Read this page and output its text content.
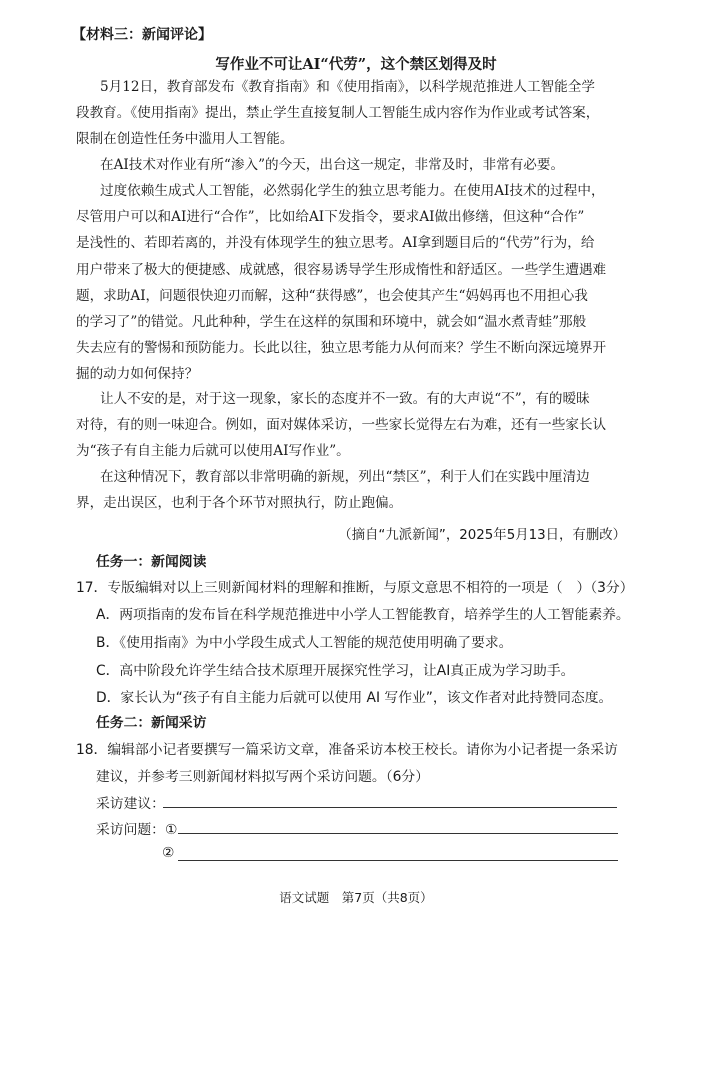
【材料三：新闻评论】
写作业不可让AI“代劳”，这个禁区划得及时
5月12日，教育部发布《教育指南》和《使用指南》，以科学规范推进人工智能全学
段教育。《使用指南》提出，禁止学生直接复制人工智能生成内容作为作业或考试答案，
限制在创造性任务中滥用人工智能。
在AI技术对作业有所“渗入”的今天，出台这一规定，非常及时，非常有必要。
过度依赖生成式人工智能，必然弱化学生的独立思考能力。在使用AI技术的过程中，
尽管用户可以和AI进行“合作”，比如给AI下发指令，要求AI做出修缮，但这种“合作”
是浅性的、若即若离的，并没有体现学生的独立思考。AI拿到题目后的“代劳”行为，给
用户带来了极大的便捷感、成就感，很容易诱导学生形成惰性和舒适区。一些学生遭遇难
题，求助AI，问题很快迎刃而解，这种“获得感”，也会使其产生“妈妈再也不用担心我
的学习了”的错觉。凡此种种，学生在这样的氛围和环境中，就会如“温水煮青蛙”那般
失去应有的警惕和预防能力。长此以往，独立思考能力从何而来？学生不断向深远境界开
掘的动力如何保持？
让人不安的是，对于这一现象，家长的态度并不一致。有的大声说“不”，有的暧昧
对待，有的则一味迎合。例如，面对媒体采访，一些家长觉得左右为难，还有一些家长认
为“孩子有自主能力后就可以使用AI写作业”。
在这种情况下，教育部以非常明确的新规，列出“禁区”，利于人们在实践中厘清边
界，走出误区，也利于各个环节对照执行，防止跑偏。
（摘自“九派新闻”，2025年5月13日，有删改）
任务一：新闻阅读
17．专版编辑对以上三则新闻材料的理解和推断，与原文意思不相符的一项是（　）（3分）
A．两项指南的发布旨在科学规范推进中小学人工智能教育，培养学生的人工智能素养。
B．《使用指南》为中小学段生成式人工智能的规范使用明确了要求。
C．高中阶段允许学生结合技术原理开展探究性学习，让AI真正成为学习助手。
D．家长认为“孩子有自主能力后就可以使用 AI 写作业”，该文作者对此持赞同态度。
任务二：新闻采访
18．编辑部小记者要撰写一篇采访文章，准备采访本校王校长。请你为小记者提一条采访
建议，并参考三则新闻材料拟写两个采访问题。（6分）
采访建议：
采访问题：①
②
语文试题　第7页（共8页）
